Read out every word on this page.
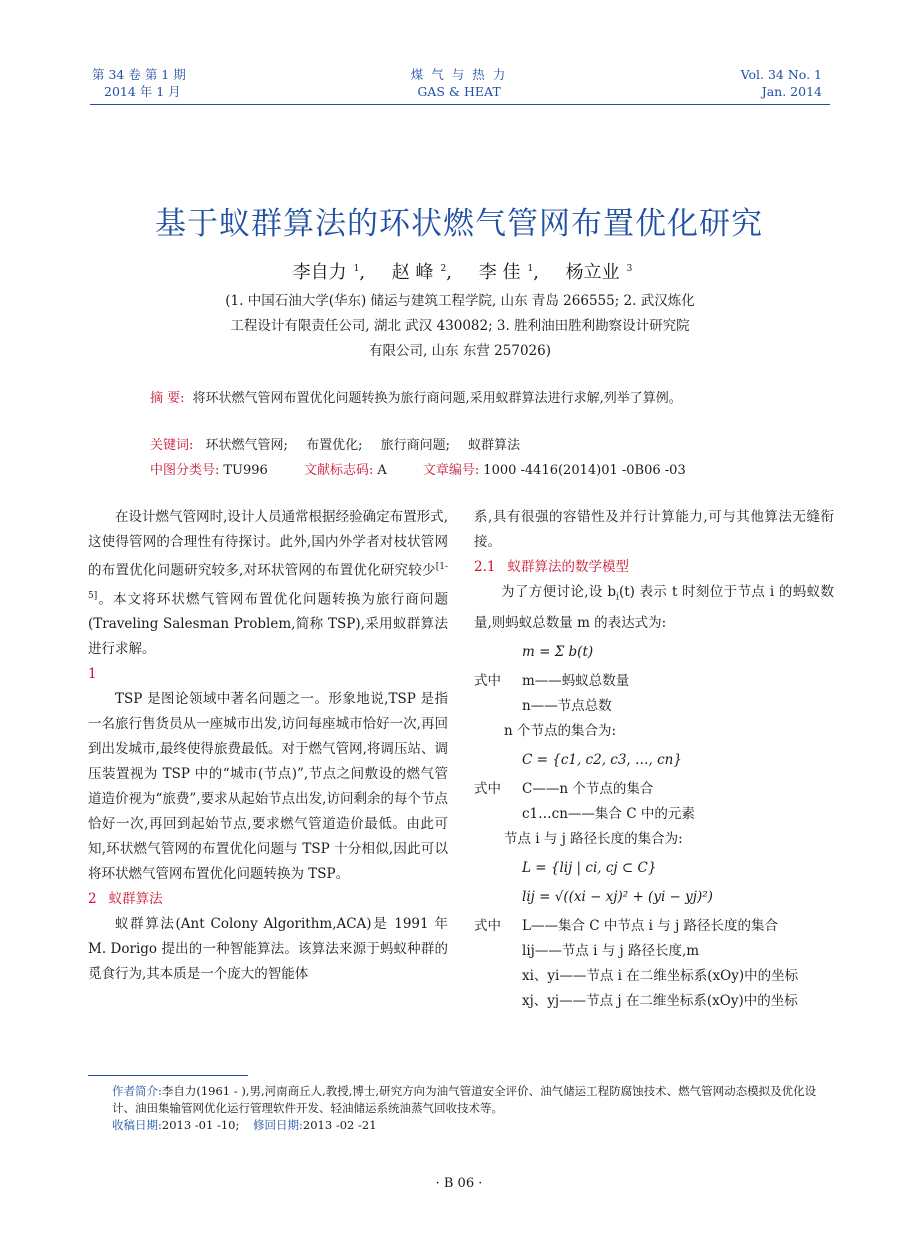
第 34 卷 第 1 期
2014 年 1 月
煤 气 与 热 力
GAS & HEAT
Vol. 34 No. 1
Jan. 2014
基于蚁群算法的环状燃气管网布置优化研究
李自力 $^1$, 赵 峰 $^2$, 李 佳 $^1$, 杨立业 $^3$
(1. 中国石油大学(华东) 储运与建筑工程学院, 山东 青岛 266555; 2. 武汉炼化
工程设计有限责任公司, 湖北 武汉 430082; 3. 胜利油田胜利勘察设计研究院
有限公司, 山东 东营 257026)
摘 要: 将环状燃气管网布置优化问题转换为旅行商问题,采用蚁群算法进行求解,列举了算例。
关键词: 环状燃气管网; 布置优化; 旅行商问题; 蚁群算法
中图分类号: TU996	文献标志码: A	文章编号: 1000 -4416(2014)01 -0B06 -03

在设计燃气管网时,设计人员通常根据经验确定布置形式,这使得管网的合理性有待探讨。此外,国内外学者对枝状管网的布置优化问题研究较多,对环状管网的布置优化研究较少[1-5]。本文将环状燃气管网布置优化问题转换为旅行商问题(Traveling Salesman Problem,简称 TSP),采用蚁群算法进行求解。

1

TSP 是图论领域中著名问题之一。形象地说,TSP 是指一名旅行售货员从一座城市出发,访问每座城市恰好一次,再回到出发城市,最终使得旅费最低。对于燃气管网,将调压站、调压装置视为 TSP 中的“城市(节点)”,节点之间敷设的燃气管道造价视为“旅费”,要求从起始节点出发,访问剩余的每个节点恰好一次,再回到起始节点,要求燃气管道造价最低。由此可知,环状燃气管网的布置优化问题与 TSP 十分相似,因此可以将环状燃气管网布置优化问题转换为 TSP。

2 蚁群算法

蚁群算法(Ant Colony Algorithm,ACA)是 1991 年 M. Dorigo 提出的一种智能算法。该算法来源于蚂蚁种群的觅食行为,其本质是一个庞大的智能体

系,具有很强的容错性及并行计算能力,可与其他算法无缝衔接。

2.1 蚁群算法的数学模型

为了方便讨论,设 $b_i(t)$ 表示 t 时刻位于节点 i 的蚂蚁数量,则蚂蚁总数量 m 的表达式为:

m = Σ b(t)
式中 m——蚂蚁总数量
n——节点总数
n 个节点的集合为:
C = {c1, c2, c3, …, cn}
式中 C——n 个节点的集合
c1…cn——集合 C 中的元素
节点 i 与 j 路径长度的集合为:
L = {lij | ci, cj ⊂ C}
lij = √((xi − xj)² + (yi − yj)²)
式中 L——集合 C 中节点 i 与 j 路径长度的集合
lij——节点 i 与 j 路径长度,m
xi、yi——节点 i 在二维坐标系(xOy)中的坐标
xj、yj——节点 j 在二维坐标系(xOy)中的坐标
作者简介:李自力(1961 - ),男,河南商丘人,教授,博士,研究方向为油气管道安全评价、油气储运工程防腐蚀技术、燃气管网动态模拟及优化设计、油田集输管网优化运行管理软件开发、轻油储运系统油蒸气回收技术等。
收稿日期:2013 -01 -10; 修回日期:2013 -02 -21
· B 06 ·
